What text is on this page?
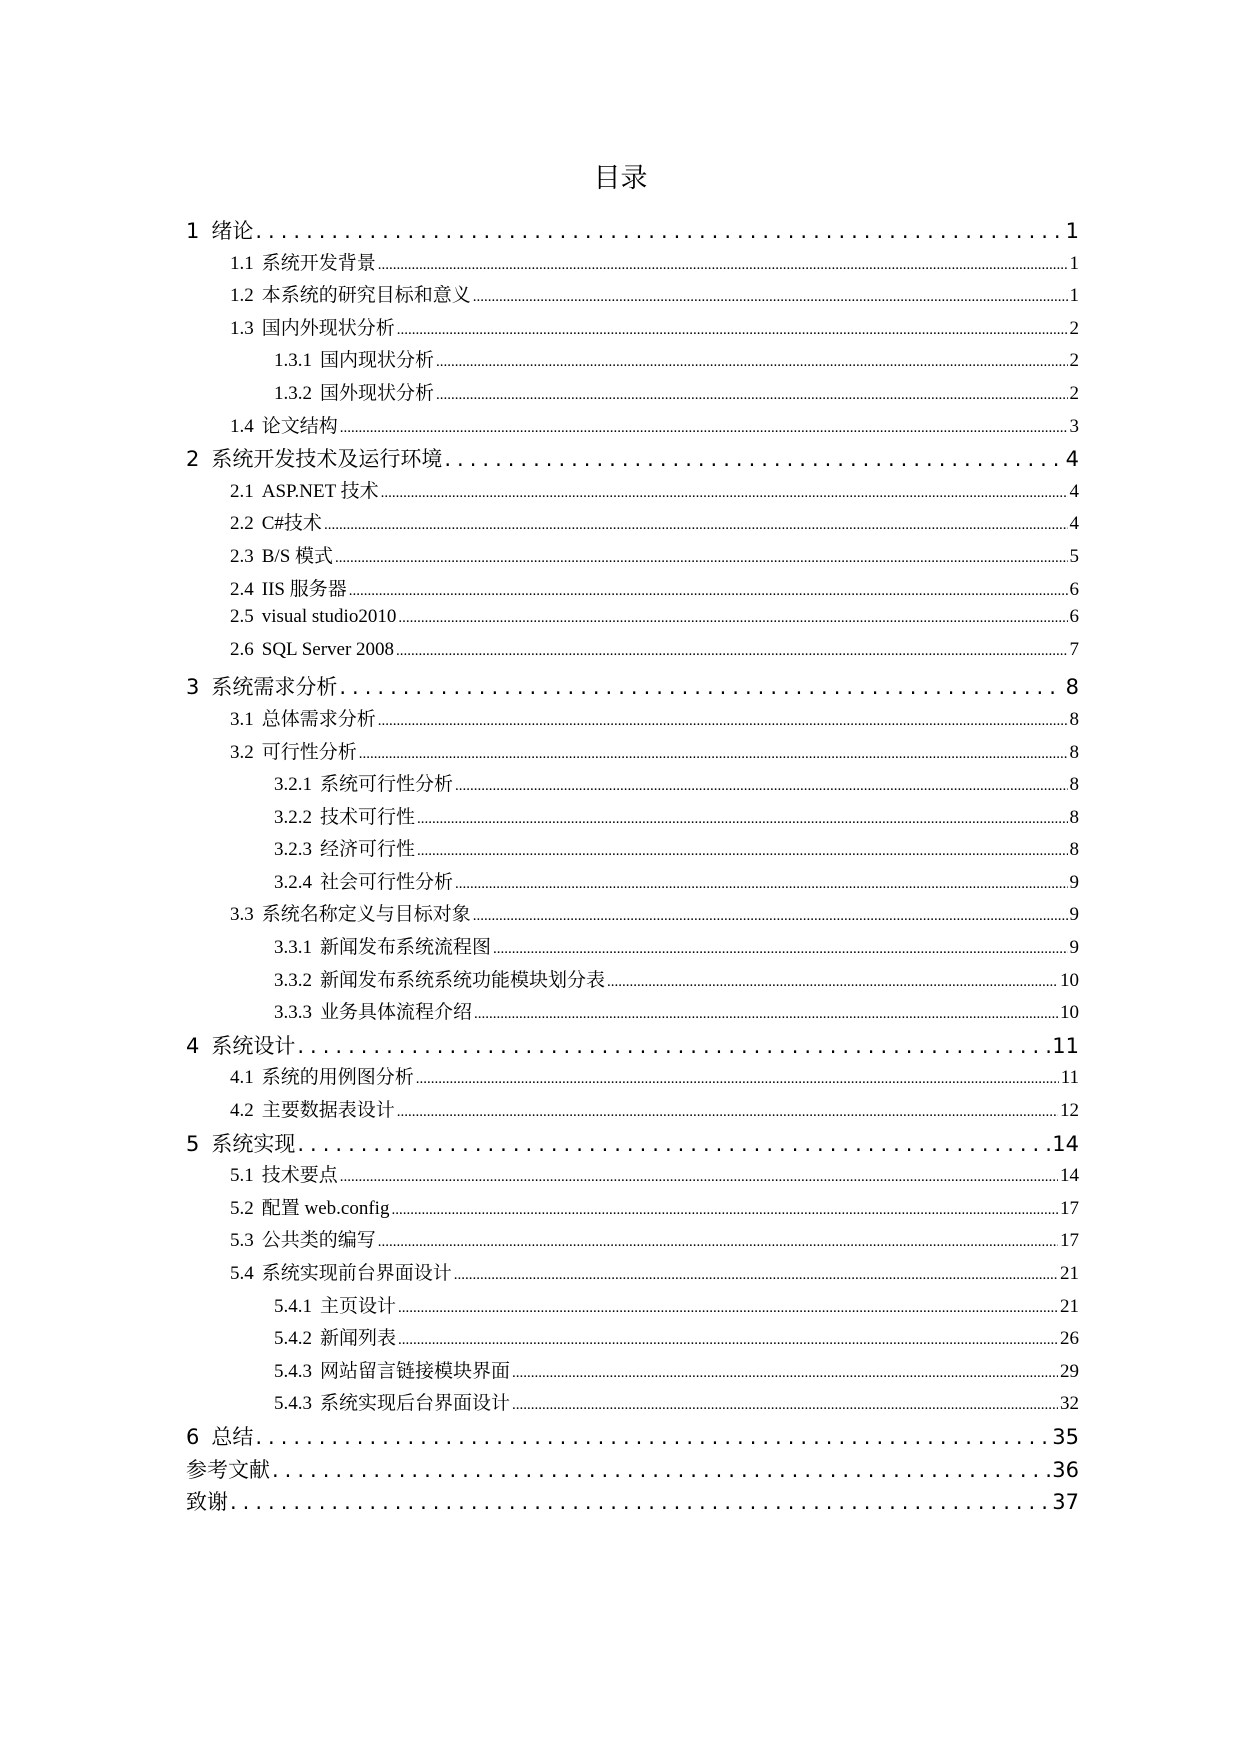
目录
1 绪论 .....	1
1.1 系统开发背景 .....	1
1.2 本系统的研究目标和意义 .....	1
1.3 国内外现状分析 .....	2
1.3.1 国内现状分析 .....	2
1.3.2 国外现状分析 .....	2
1.4 论文结构 .....	3
2 系统开发技术及运行环境 .....	4
2.1 ASP.NET 技术 .....	4
2.2 C#技术 .....	4
2.3 B/S 模式 .....	5
2.4 IIS 服务器 .....	6
2.5 visual studio2010 .....	6
2.6 SQL Server 2008 .....	7
3 系统需求分析 .....	8
3.1 总体需求分析 .....	8
3.2 可行性分析 .....	8
3.2.1 系统可行性分析 .....	8
3.2.2 技术可行性 .....	8
3.2.3 经济可行性 .....	8
3.2.4 社会可行性分析 .....	9
3.3 系统名称定义与目标对象 .....	9
3.3.1 新闻发布系统流程图 .....	9
3.3.2 新闻发布系统系统功能模块划分表 .....	10
3.3.3 业务具体流程介绍 .....	10
4 系统设计 .....	11
4.1 系统的用例图分析 .....	11
4.2 主要数据表设计 .....	12
5 系统实现 .....	14
5.1 技术要点 .....	14
5.2 配置 web.config .....	17
5.3 公共类的编写 .....	17
5.4 系统实现前台界面设计 .....	21
5.4.1 主页设计 .....	21
5.4.2 新闻列表 .....	26
5.4.3 网站留言链接模块界面 .....	29
5.4.3 系统实现后台界面设计 .....	32
6 总结 .....	35
参考文献 .....	36
致谢 .....	37
